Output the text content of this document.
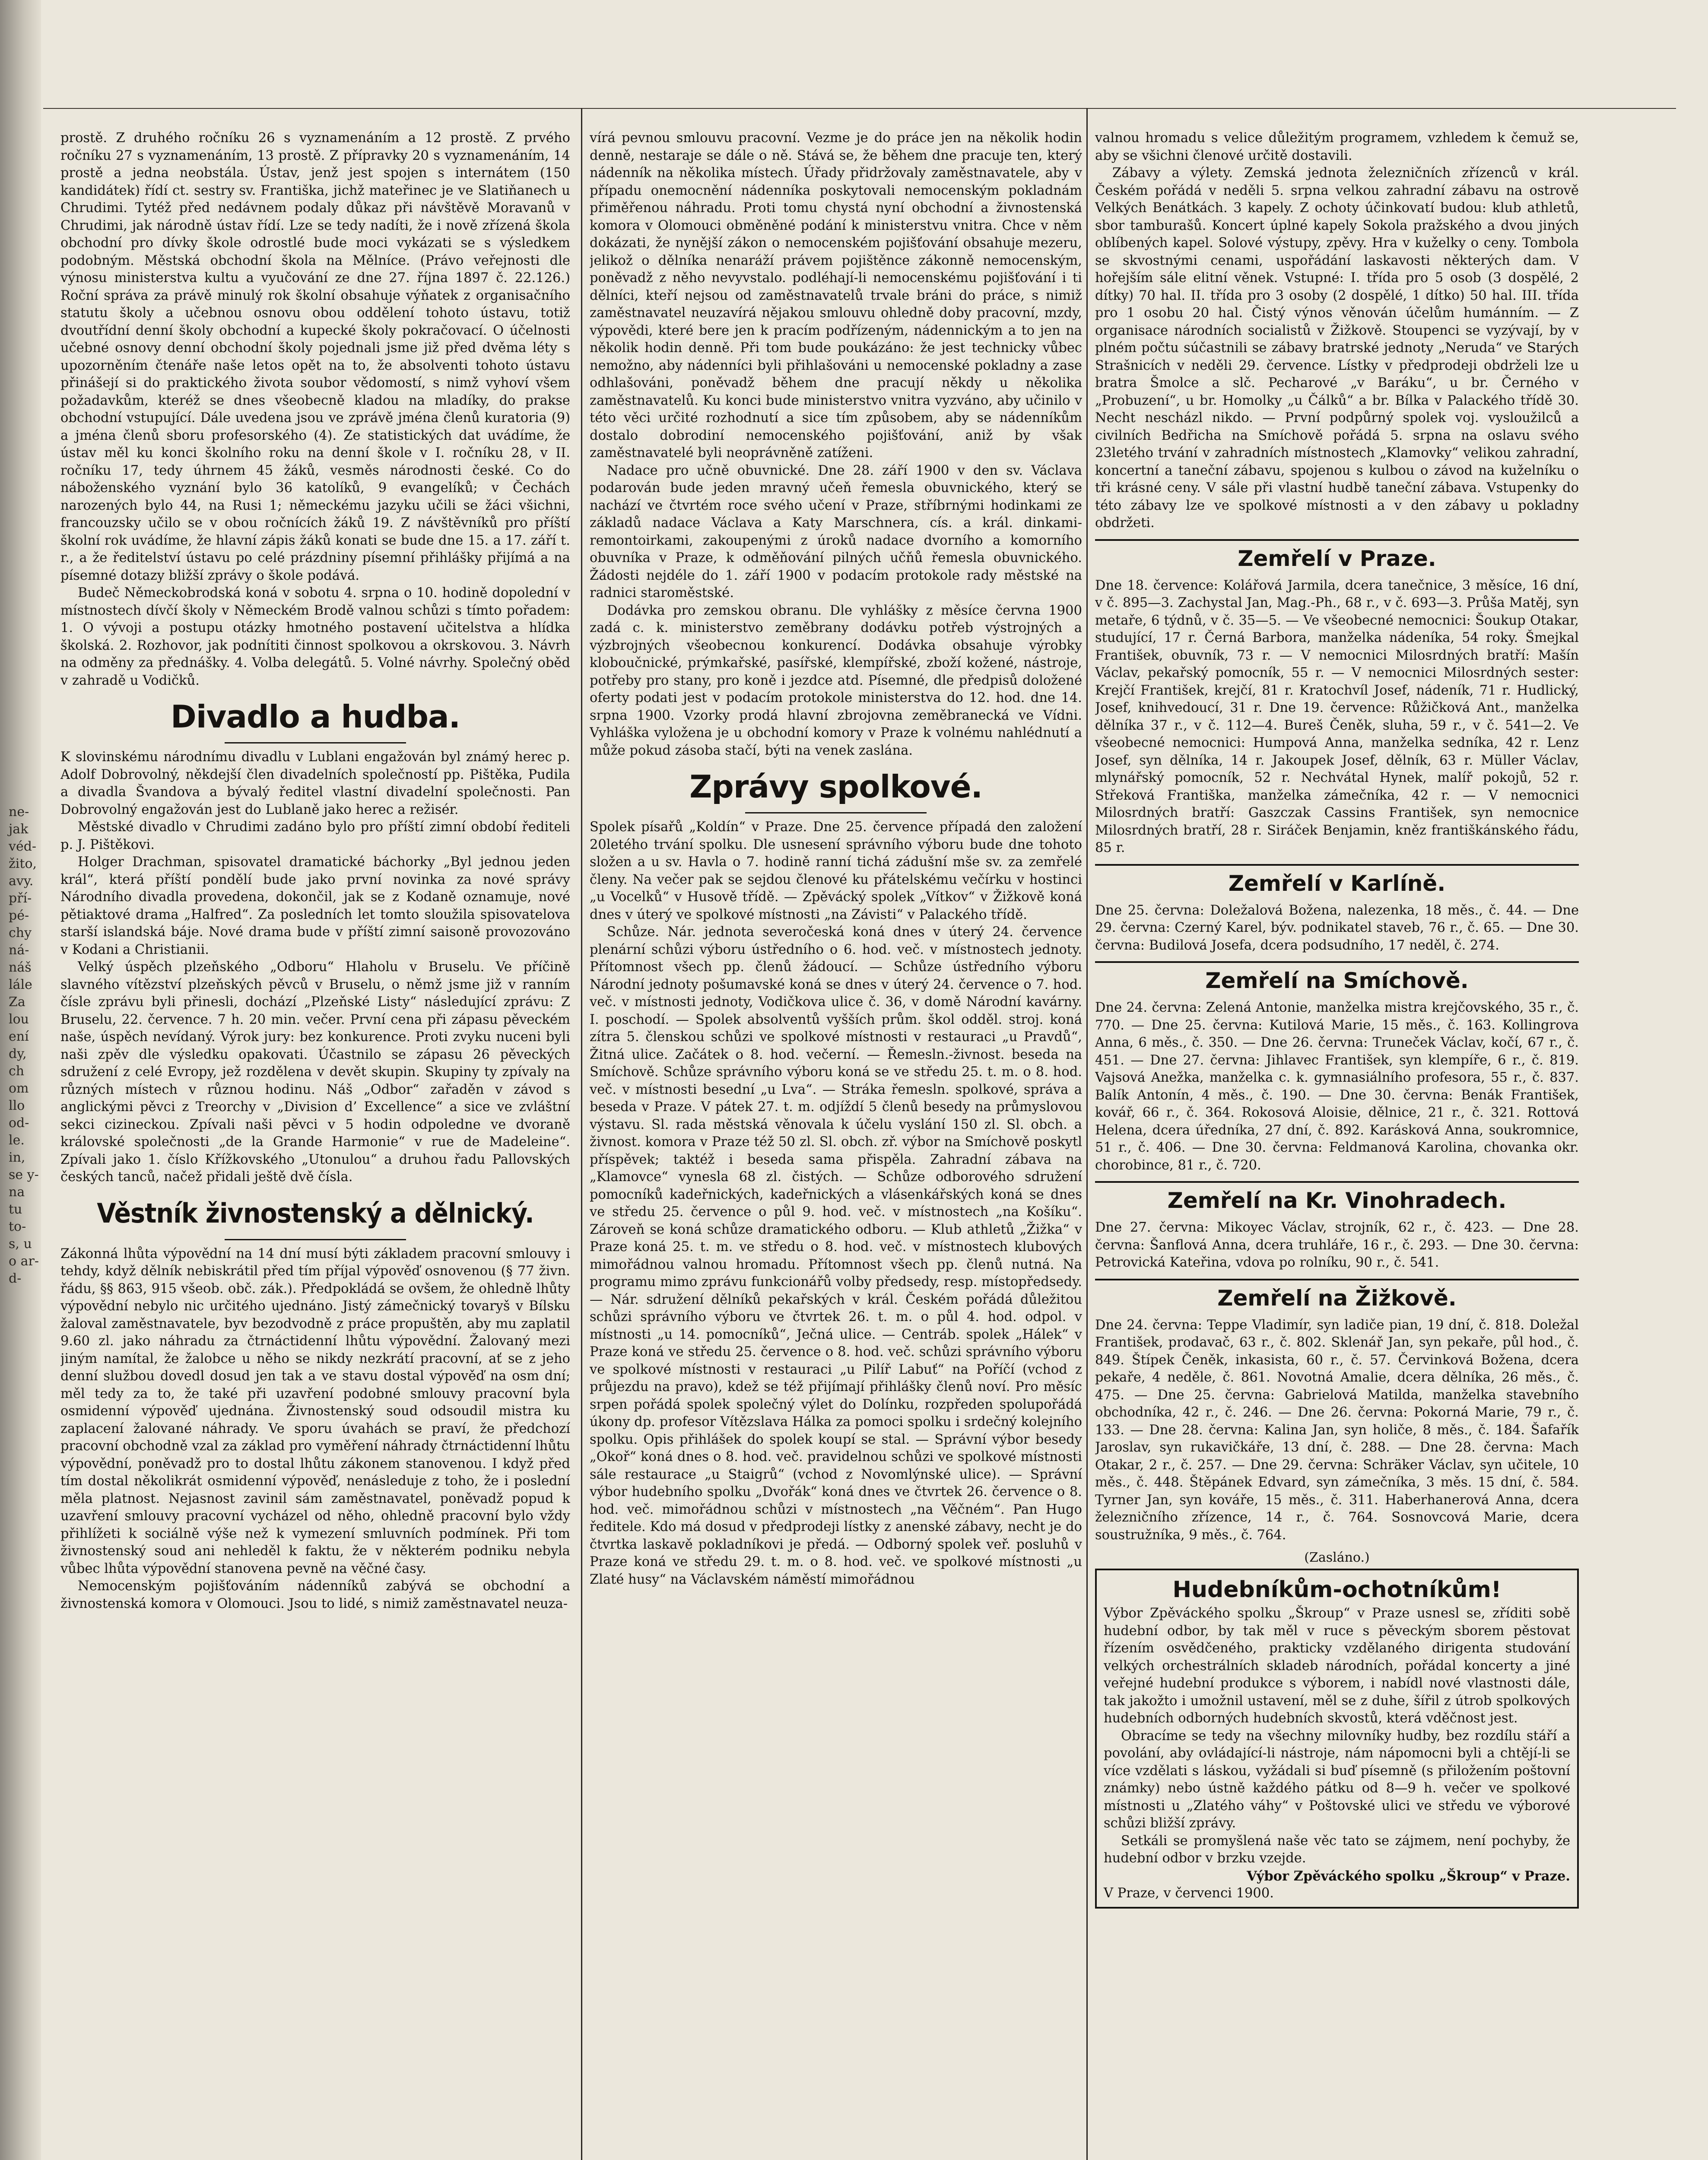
ne- jak véd- žito, avy. pří- pé- chy ná- náš lále Za lou ení dy, ch om llo od- le. in, se y- na tu to- s, u o ar- d-

prostě. Z druhého ročníku 26 s vyznamenáním a 12 prostě. Z prvého ročníku 27 s vyznamenáním, 13 prostě. Z přípravky 20 s vyznamenáním, 14 prostě a jedna neobstála. Ústav, jenž jest spojen s internátem (150 kandidátek) řídí ct. sestry sv. Františka, jichž mateřinec je ve Slatiňanech u Chrudimi. Tytéž před nedávnem podaly důkaz při návštěvě Moravanů v Chrudimi, jak národně ústav řídí. Lze se tedy nadíti, že i nově zřízená škola obchodní pro dívky škole odrostlé bude moci vykázati se s výsledkem podobným. Městská obchodní škola na Mělníce. (Právo veřejnosti dle výnosu ministerstva kultu a vyučování ze dne 27. října 1897 č. 22.126.) Roční správa za právě minulý rok školní obsahuje výňatek z organisačního statutu školy a učebnou osnovu obou oddělení tohoto ústavu, totiž dvoutřídní denní školy obchodní a kupecké školy pokračovací. O účelnosti učebné osnovy denní obchodní školy pojednali jsme již před dvěma léty s upozorněním čtenáře naše letos opět na to, že absolventi tohoto ústavu přinášejí si do praktického života soubor vědomostí, s nimž vyhoví všem požadavkům, kteréž se dnes všeobecně kladou na mladíky, do prakse obchodní vstupující. Dále uvedena jsou ve zprávě jména členů kuratoria (9) a jména členů sboru profesorského (4). Ze statistických dat uvádíme, že ústav měl ku konci školního roku na denní škole v I. ročníku 28, v II. ročníku 17, tedy úhrnem 45 žáků, vesměs národnosti české. Co do náboženského vyznání bylo 36 katolíků, 9 evangelíků; v Čechách narozených bylo 44, na Rusi 1; německému jazyku učili se žáci všichni, francouzsky učilo se v obou ročnících žáků 19. Z návštěvníků pro příští školní rok uvádíme, že hlavní zápis žáků konati se bude dne 15. a 17. září t. r., a že ředitelství ústavu po celé prázdniny písemní přihlášky přijímá a na písemné dotazy bližší zprávy o škole podává.

Budeč Německobrodská koná v sobotu 4. srpna o 10. hodině dopolední v místnostech dívčí školy v Německém Brodě valnou schůzi s tímto pořadem: 1. O vývoji a postupu otázky hmotného postavení učitelstva a hlídka školská. 2. Rozhovor, jak podnítiti činnost spolkovou a okrskovou. 3. Návrh na odměny za přednášky. 4. Volba delegátů. 5. Volné návrhy. Společný oběd v zahradě u Vodičků.

Divadlo a hudba.

K slovinskému národnímu divadlu v Lublani engažován byl známý herec p. Adolf Dobrovolný, někdejší člen divadelních společností pp. Pištěka, Pudila a divadla Švandova a bývalý ředitel vlastní divadelní společnosti. Pan Dobrovolný engažován jest do Lublaně jako herec a režisér.

Městské divadlo v Chrudimi zadáno bylo pro příští zimní období řediteli p. J. Pištěkovi.

Holger Drachman, spisovatel dramatické báchorky „Byl jednou jeden král“, která příští pondělí bude jako první novinka za nové správy Národního divadla provedena, dokončil, jak se z Kodaně oznamuje, nové pětiaktové drama „Halfred“. Za posledních let tomto sloužila spisovatelova starší islandská báje. Nové drama bude v příští zimní saisoně provozováno v Kodani a Christianii.

Velký úspěch plzeňského „Odboru“ Hlaholu v Bruselu. Ve příčině slavného vítězství plzeňských pěvců v Bruselu, o němž jsme již v ranním čísle zprávu byli přinesli, dochází „Plzeňské Listy“ následující zprávu: Z Bruselu, 22. července. 7 h. 20 min. večer. První cena při zápasu pěveckém naše, úspěch nevídaný. Výrok jury: bez konkurence. Proti zvyku nuceni byli naši zpěv dle výsledku opakovati. Účastnilo se zápasu 26 pěveckých sdružení z celé Evropy, jež rozdělena v devět skupin. Skupiny ty zpívaly na různých místech v různou hodinu. Náš „Odbor“ zařaděn v závod s anglickými pěvci z Treorchy v „Division d’ Excellence“ a sice ve zvláštní sekci cizineckou. Zpívali naši pěvci v 5 hodin odpoledne ve dvoraně královské společnosti „de la Grande Harmonie“ v rue de Madeleine“. Zpívali jako 1. číslo Křížkovského „Utonulou“ a druhou řadu Pallovských českých tanců, načež přidali ještě dvě čísla.

Věstník živnostenský a dělnický.

Zákonná lhůta výpovědní na 14 dní musí býti základem pracovní smlouvy i tehdy, když dělník nebiskrátil před tím příjal výpověď osnovenou (§ 77 živn. řádu, §§ 863, 915 všeob. obč. zák.). Předpokládá se ovšem, že ohledně lhůty výpovědní nebylo nic určitého ujednáno. Jistý zámečnický tovaryš v Bílsku žaloval zaměstnavatele, byv bezodvodně z práce propuštěn, aby mu zaplatil 9.60 zl. jako náhradu za čtrnáctidenní lhůtu výpovědní. Žalovaný mezi jiným namítal, že žalobce u něho se nikdy nezkrátí pracovní, ať se z jeho denní službou dovedl dosud jen tak a ve stavu dostal výpověď na osm dní; měl tedy za to, že také při uzavření podobné smlouvy pracovní byla osmidenní výpověď ujednána. Živnostenský soud odsoudil mistra ku zaplacení žalované náhrady. Ve sporu úvahách se praví, že předchozí pracovní obchodně vzal za základ pro vyměření náhrady čtrnáctidenní lhůtu výpovědní, poněvadž pro to dostal lhůtu zákonem stanovenou. I když před tím dostal několikrát osmidenní výpověď, nenásleduje z toho, že i poslední měla platnost. Nejasnost zavinil sám zaměstnavatel, poněvadž popud k uzavření smlouvy pracovní vycházel od něho, ohledně pracovní bylo vždy přihlížeti k sociálně výše než k vymezení smluvních podmínek. Při tom živnostenský soud ani nehleděl k faktu, že v některém podniku nebyla vůbec lhůta výpovědní stanovena pevně na věčné časy.

Nemocenským pojišťováním nádenníků zabývá se obchodní a živnostenská komora v Olomouci. Jsou to lidé, s nimiž zaměstnavatel neuza-

vírá pevnou smlouvu pracovní. Vezme je do práce jen na několik hodin denně, nestaraje se dále o ně. Stává se, že během dne pracuje ten, který nádenník na několika místech. Úřady přidržovaly zaměstnavatele, aby v případu onemocnění nádenníka poskytovali nemocenským pokladnám přiměřenou náhradu. Proti tomu chystá nyní obchodní a živnostenská komora v Olomouci obměněné podání k ministerstvu vnitra. Chce v něm dokázati, že nynější zákon o nemocenském pojišťování obsahuje mezeru, jelikož o dělníka nenaráží právem pojištěnce zákonně nemocenským, poněvadž z něho nevyvstalo. podléhají-li nemocenskému pojišťování i ti dělníci, kteří nejsou od zaměstnavatelů trvale bráni do práce, s nimiž zaměstnavatel neuzavírá nějakou smlouvu ohledně doby pracovní, mzdy, výpovědi, které bere jen k pracím podřízeným, nádennickým a to jen na několik hodin denně. Při tom bude poukázáno: že jest technicky vůbec nemožno, aby nádenníci byli přihlašováni u nemocenské pokladny a zase odhlašováni, poněvadž během dne pracují někdy u několika zaměstnavatelů. Ku konci bude ministerstvo vnitra vyzváno, aby učinilo v této věci určité rozhodnutí a sice tím způsobem, aby se nádenníkům dostalo dobrodiní nemocenského pojišťování, aniž by však zaměstnavatelé byli neoprávněně zatíženi.

Nadace pro učně obuvnické. Dne 28. září 1900 v den sv. Václava podarován bude jeden mravný učeň řemesla obuvnického, který se nachází ve čtvrtém roce svého učení v Praze, stříbrnými hodinkami ze základů nadace Václava a Katy Marschnera, cís. a král. dinkami-remontoirkami, zakoupenými z úroků nadace dvorního a komorního obuvníka v Praze, k odměňování pilných učňů řemesla obuvnického. Žádosti nejdéle do 1. září 1900 v podacím protokole rady městské na radnici staroměstské.

Dodávka pro zemskou obranu. Dle vyhlášky z měsíce června 1900 zadá c. k. ministerstvo zeměbrany dodávku potřeb výstrojných a výzbrojných všeobecnou konkurencí. Dodávka obsahuje výrobky kloboučnické, prýmkařské, pasířské, klempířské, zboží kožené, nástroje, potřeby pro stany, pro koně i jezdce atd. Písemné, dle předpisů doložené oferty podati jest v podacím protokole ministerstva do 12. hod. dne 14. srpna 1900. Vzorky prodá hlavní zbrojovna zeměbranecká ve Vídni. Vyhláška vyložena je u obchodní komory v Praze k volnému nahlédnutí a může pokud zásoba stačí, býti na venek zaslána.

Zprávy spolkové.

Spolek písařů „Koldín“ v Praze. Dne 25. července případá den založení 20letého trvání spolku. Dle usnesení správního výboru bude dne tohoto složen a u sv. Havla o 7. hodině ranní tichá zádušní mše sv. za zemřelé členy. Na večer pak se sejdou členové ku přátelskému večírku v hostinci „u Vocelků“ v Husově třídě. — Zpěvácký spolek „Vítkov“ v Žižkově koná dnes v úterý ve spolkové místnosti „na Závisti“ v Palackého třídě.

Schůze. Nár. jednota severočeská koná dnes v úterý 24. července plenární schůzi výboru ústředního o 6. hod. več. v místnostech jednoty. Přítomnost všech pp. členů žádoucí. — Schůze ústředního výboru Národní jednoty pošumavské koná se dnes v úterý 24. července o 7. hod. več. v místnosti jednoty, Vodičkova ulice č. 36, v domě Národní kavárny. I. poschodí. — Spolek absolventů vyšších prům. škol odděl. stroj. koná zítra 5. členskou schůzi ve spolkové místnosti v restauraci „u Pravdů“, Žitná ulice. Začátek o 8. hod. večerní. — Řemesln.-živnost. beseda na Smíchově. Schůze správního výboru koná se ve středu 25. t. m. o 8. hod. več. v místnosti besední „u Lva“. — Stráka řemesln. spolkové, správa a beseda v Praze. V pátek 27. t. m. odjíždí 5 členů besedy na průmyslovou výstavu. Sl. rada městská věnovala k účelu vyslání 150 zl. Sl. obch. a živnost. komora v Praze též 50 zl. Sl. obch. zř. výbor na Smíchově poskytl příspěvek; taktéž i beseda sama přispěla. Zahradní zábava na „Klamovce“ vynesla 68 zl. čistých. — Schůze odborového sdružení pomocníků kadeřnických, kadeřnických a vlásenkářských koná se dnes ve středu 25. července o půl 9. hod. več. v místnostech „na Košíku“. Zároveň se koná schůze dramatického odboru. — Klub athletů „Žižka“ v Praze koná 25. t. m. ve středu o 8. hod. več. v místnostech klubových mimořádnou valnou hromadu. Přítomnost všech pp. členů nutná. Na programu mimo zprávu funkcionářů volby předsedy, resp. místopředsedy. — Nár. sdružení dělníků pekařských v král. Českém pořádá důležitou schůzi správního výboru ve čtvrtek 26. t. m. o půl 4. hod. odpol. v místnosti „u 14. pomocníků“, Ječná ulice. — Centráb. spolek „Hálek“ v Praze koná ve středu 25. července o 8. hod. več. schůzi správního výboru ve spolkové místnosti v restauraci „u Pilíř Labuť“ na Poříčí (vchod z průjezdu na pravo), kdež se též přijímají přihlášky členů noví. Pro měsíc srpen pořádá spolek společný výlet do Dolínku, rozpředen spolupořádá úkony dp. profesor Vítězslava Hálka za pomoci spolku i srdečný kolejního spolku. Opis přihlášek do spolek koupí se stal. — Správní výbor besedy „Okoř“ koná dnes o 8. hod. več. pravidelnou schůzi ve spolkové místnosti sále restaurace „u Staigrů“ (vchod z Novomlýnské ulice). — Správní výbor hudebního spolku „Dvořák“ koná dnes ve čtvrtek 26. července o 8. hod. več. mimořádnou schůzi v místnostech „na Věčném“. Pan Hugo ředitele. Kdo má dosud v předprodeji lístky z anenské zábavy, necht je do čtvrtka laskavě pokladníkovi je předá. — Odborný spolek veř. posluhů v Praze koná ve středu 29. t. m. o 8. hod. več. ve spolkové místnosti „u Zlaté husy“ na Václavském náměstí mimořádnou

valnou hromadu s velice důležitým programem, vzhledem k čemuž se, aby se všichni členové určitě dostavili.

Zábavy a výlety. Zemská jednota železničních zřízenců v král. Českém pořádá v neděli 5. srpna velkou zahradní zábavu na ostrově Velkých Benátkách. 3 kapely. Z ochoty účinkovatí budou: klub athletů, sbor tamburašů. Koncert úplné kapely Sokola pražského a dvou jiných oblíbených kapel. Solové výstupy, zpěvy. Hra v kuželky o ceny. Tombola se skvostnými cenami, uspořádání laskavosti některých dam. V hořejším sále elitní věnek. Vstupné: I. třída pro 5 osob (3 dospělé, 2 dítky) 70 hal. II. třída pro 3 osoby (2 dospělé, 1 dítko) 50 hal. III. třída pro 1 osobu 20 hal. Čistý výnos věnován účelům humánním. — Z organisace národních socialistů v Žižkově. Stoupenci se vyzývají, by v plném počtu súčastnili se zábavy bratrské jednoty „Neruda“ ve Starých Strašnicích v neděli 29. července. Lístky v předprodeji obdrželi lze u bratra Šmolce a slč. Pecharové „v Baráku“, u br. Černého v „Probuzení“, u br. Homolky „u Čálků“ a br. Bílka v Palackého třídě 30. Necht nescházl nikdo. — První podpůrný spolek voj. vysloužilců a civilních Bedřicha na Smíchově pořádá 5. srpna na oslavu svého 23letého trvání v zahradních místnostech „Klamovky“ velikou zahradní, koncertní a taneční zábavu, spojenou s kulbou o závod na kuželníku o tři krásné ceny. V sále při vlastní hudbě taneční zábava. Vstupenky do této zábavy lze ve spolkové místnosti a v den zábavy u pokladny obdržeti.

Zemřelí v Praze.

Dne 18. července: Kolářová Jarmila, dcera tanečnice, 3 měsíce, 16 dní, v č. 895—3. Zachystal Jan, Mag.-Ph., 68 r., v č. 693—3. Průša Matěj, syn metaře, 6 týdnů, v č. 35—5. — Ve všeobecné nemocnici: Šoukup Otakar, studující, 17 r. Černá Barbora, manželka nádeníka, 54 roky. Šmejkal František, obuvník, 73 r. — V nemocnici Milosrdných bratří: Mašín Václav, pekařský pomocník, 55 r. — V nemocnici Milosrdných sester: Krejčí František, krejčí, 81 r. Kratochvíl Josef, nádeník, 71 r. Hudlický, Josef, knihvedoucí, 31 r. Dne 19. července: Růžičková Ant., manželka dělníka 37 r., v č. 112—4. Bureš Čeněk, sluha, 59 r., v č. 541—2. Ve všeobecné nemocnici: Humpová Anna, manželka sedníka, 42 r. Lenz Josef, syn dělníka, 14 r. Jakoupek Josef, dělník, 63 r. Müller Václav, mlynářský pomocník, 52 r. Nechvátal Hynek, malíř pokojů, 52 r. Střeková Františka, manželka zámečníka, 42 r. — V nemocnici Milosrdných bratří: Gaszczak Cassins František, syn nemocnice Milosrdných bratří, 28 r. Siráček Benjamin, kněz františkánského řádu, 85 r.

Zemřelí v Karlíně.

Dne 25. června: Doležalová Božena, nalezenka, 18 měs., č. 44. — Dne 29. června: Czerný Karel, býv. podnikatel staveb, 76 r., č. 65. — Dne 30. června: Budilová Josefa, dcera podsudního, 17 neděl, č. 274.

Zemřelí na Smíchově.

Dne 24. června: Zelená Antonie, manželka mistra krejčovského, 35 r., č. 770. — Dne 25. června: Kutilová Marie, 15 měs., č. 163. Kollingrova Anna, 6 měs., č. 350. — Dne 26. června: Truneček Václav, kočí, 67 r., č. 451. — Dne 27. června: Jihlavec František, syn klempíře, 6 r., č. 819. Vajsová Anežka, manželka c. k. gymnasiálního profesora, 55 r., č. 837. Balík Antonín, 4 měs., č. 190. — Dne 30. června: Benák František, kovář, 66 r., č. 364. Rokosová Aloisie, dělnice, 21 r., č. 321. Rottová Helena, dcera úředníka, 27 dní, č. 892. Karásková Anna, soukromnice, 51 r., č. 406. — Dne 30. června: Feldmanová Karolina, chovanka okr. chorobince, 81 r., č. 720.

Zemřelí na Kr. Vinohradech.

Dne 27. června: Mikoyec Václav, strojník, 62 r., č. 423. — Dne 28. června: Šanflová Anna, dcera truhláře, 16 r., č. 293. — Dne 30. června: Petrovická Kateřina, vdova po rolníku, 90 r., č. 541.

Zemřelí na Žižkově.

Dne 24. června: Teppe Vladimír, syn ladiče pian, 19 dní, č. 818. Doležal František, prodavač, 63 r., č. 802. Sklenář Jan, syn pekaře, půl hod., č. 849. Štípek Čeněk, inkasista, 60 r., č. 57. Červinková Božena, dcera pekaře, 4 neděle, č. 861. Novotná Amalie, dcera dělníka, 26 měs., č. 475. — Dne 25. června: Gabrielová Matilda, manželka stavebního obchodníka, 42 r., č. 246. — Dne 26. června: Pokorná Marie, 79 r., č. 133. — Dne 28. června: Kalina Jan, syn holiče, 8 měs., č. 184. Šafařík Jaroslav, syn rukavičkáře, 13 dní, č. 288. — Dne 28. června: Mach Otakar, 2 r., č. 257. — Dne 29. června: Schräker Václav, syn učitele, 10 měs., č. 448. Štěpánek Edvard, syn zámečníka, 3 měs. 15 dní, č. 584. Tyrner Jan, syn kováře, 15 měs., č. 311. Haberhanerová Anna, dcera železničního zřízence, 14 r., č. 764. Sosnovcová Marie, dcera soustružníka, 9 měs., č. 764.

(Zasláno.)
Hudebníkům-ochotníkům!

Výbor Zpěváckého spolku „Škroup“ v Praze usnesl se, zříditi sobě hudební odbor, by tak měl v ruce s pěveckým sborem pěstovat řízením osvědčeného, prakticky vzdělaného dirigenta studování velkých orchestrálních skladeb národních, pořádal koncerty a jiné veřejné hudební produkce s výborem, i nabídl nové vlastnosti dále, tak jakožto i umožnil ustavení, měl se z duhe, šířil z útrob spolkových hudebních odborných hudebních skvostů, která vděčnost jest.

Obracíme se tedy na všechny milovníky hudby, bez rozdílu stáří a povolání, aby ovládající-li nástroje, nám nápomocni byli a chtějí-li se více vzdělati s láskou, vyžádali si buď písemně (s přiložením poštovní známky) nebo ústně každého pátku od 8—9 h. večer ve spolkové místnosti u „Zlatého váhy“ v Poštovské ulici ve středu ve výborové schůzi bližší zprávy.

Setkáli se promyšlená naše věc tato se zájmem, není pochyby, že hudební odbor v brzku vzejde.

Výbor Zpěváckého spolku „Škroup“ v Praze.

V Praze, v červenci 1900.
